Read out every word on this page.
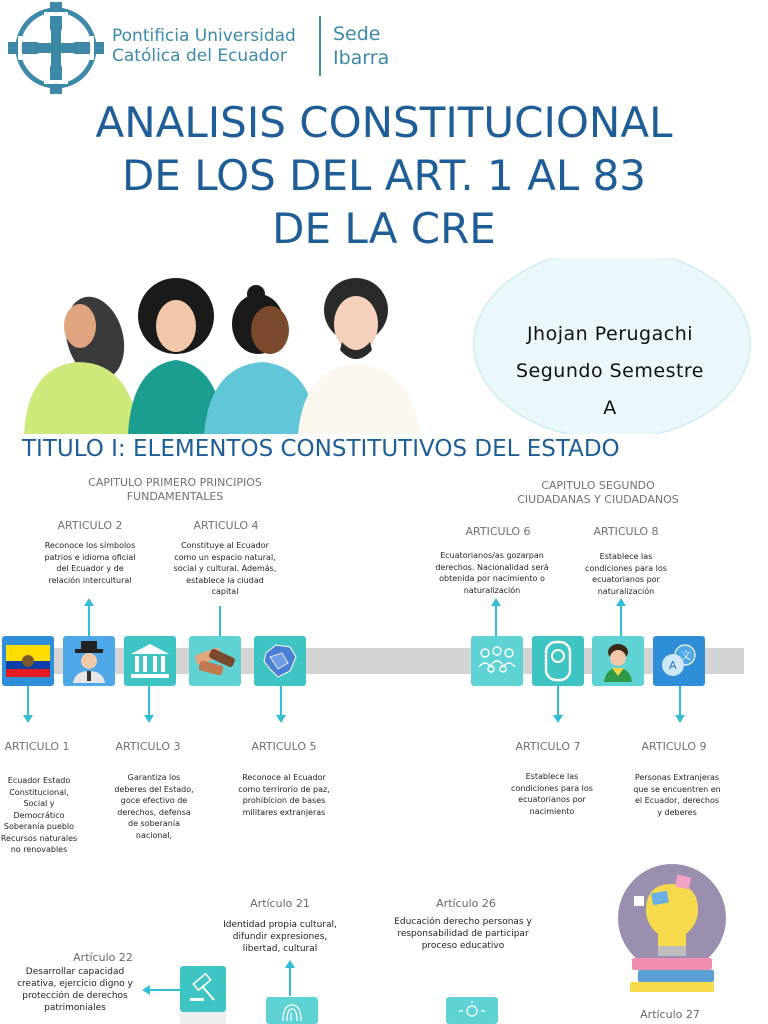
Pontificia Universidad
Católica del Ecuador
Sede
Ibarra
ANALISIS CONSTITUCIONAL
DE LOS DEL ART. 1 AL 83
DE LA CRE
Jhojan Perugachi
Segundo Semestre
A
TITULO I: ELEMENTOS CONSTITUTIVOS DEL ESTADO
CAPITULO PRIMERO PRINCIPIOS FUNDAMENTALES
CAPITULO SEGUNDO
CIUDADANAS Y CIUDADANOS
ARTICULO 2
Reconoce los símbolos patrios e idioma oficial del Ecuador y de relación intercultural
ARTICULO 4
Constituye al Ecuador como un espacio natural, social y cultural. Además, establece la ciudad capital
ARTICULO 6
Ecuatorianos/as gozarpan derechos. Nacionalidad será obtenida por nacimiento o naturalización
ARTICULO 8
Establece las condiciones para los ecuatorianos por naturalización
文
A
ARTICULO 1
Ecuador Estado Constitucional, Social y Democrático Soberanía pueblo Recursos naturales no renovables
ARTICULO 3
Garantiza los deberes del Estado, goce efectivo de derechos, defensa de soberanía nacional,
ARTICULO 5
Reconoce al Ecuador como terrirorio de paz, prohibicion de bases militares extranjeras
ARTICULO 7
Establece las condiciones para los ecuatorianos por nacimiento
ARTICULO 9
Personas Extranjeras que se encuentren en el Ecuador, derechos y deberes
Artículo 21
Identidad propia cultural, difundir expresiones, libertad, cultural
Artículo 26
Educación derecho personas y responsabilidad de participar proceso educativo
Artículo 22
Desarrollar capacidad creativa, ejercicio digno y protección de derechos patrimoniales	Artículo 27
